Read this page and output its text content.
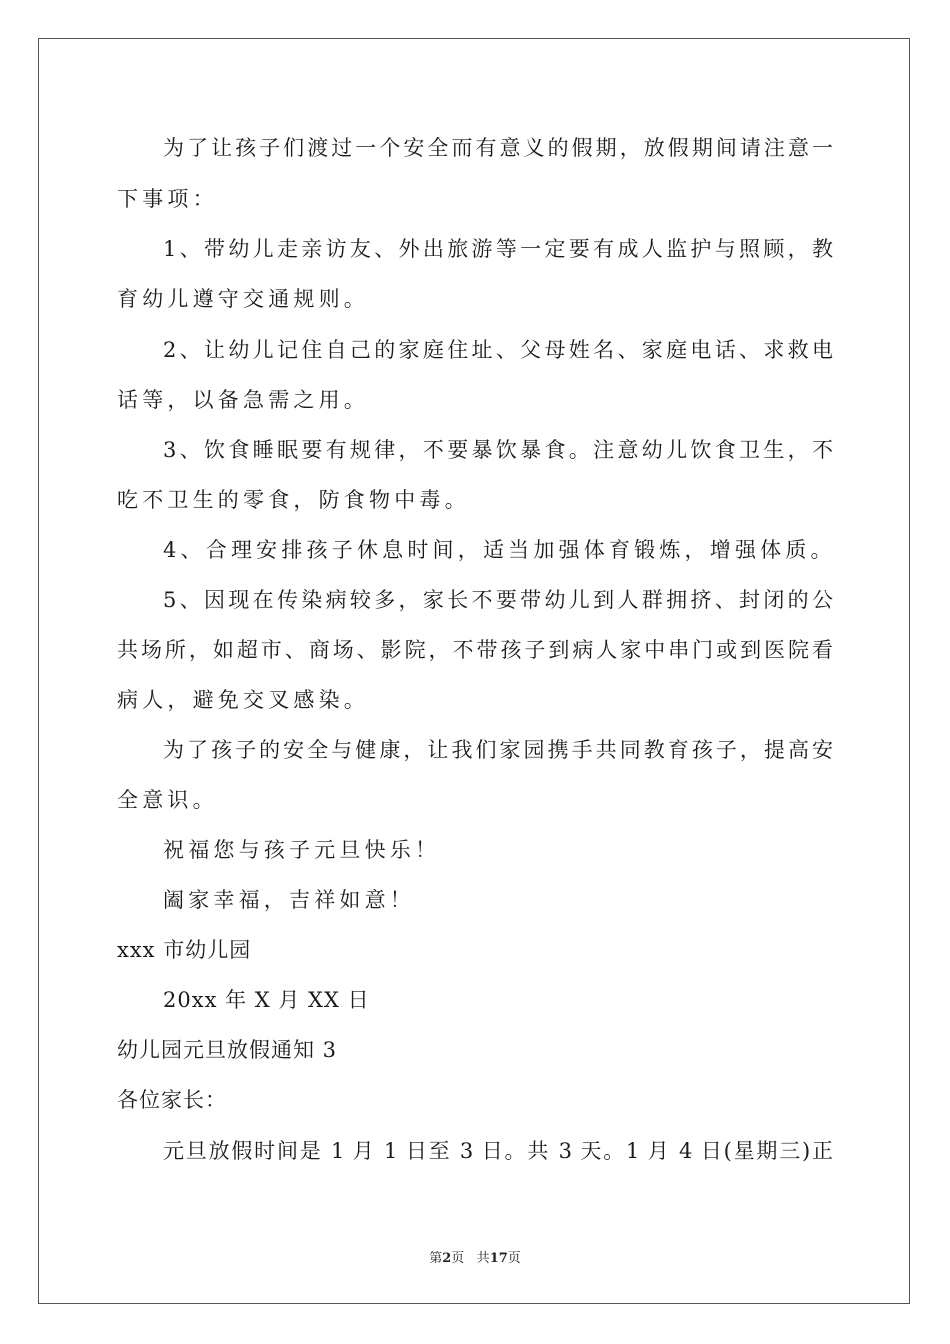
为了让孩子们渡过一个安全而有意义的假期，放假期间请注意一
下事项：
1、带幼儿走亲访友、外出旅游等一定要有成人监护与照顾，教
育幼儿遵守交通规则。
2、让幼儿记住自己的家庭住址、父母姓名、家庭电话、求救电
话等，以备急需之用。
3、饮食睡眠要有规律，不要暴饮暴食。注意幼儿饮食卫生，不
吃不卫生的零食，防食物中毒。
4、合理安排孩子休息时间，适当加强体育锻炼，增强体质。
5、因现在传染病较多，家长不要带幼儿到人群拥挤、封闭的公
共场所，如超市、商场、影院，不带孩子到病人家中串门或到医院看
病人，避免交叉感染。
为了孩子的安全与健康，让我们家园携手共同教育孩子，提高安
全意识。
祝福您与孩子元旦快乐！
阖家幸福，吉祥如意！
xxx 市幼儿园
20xx 年 X 月 XX 日
幼儿园元旦放假通知 3
各位家长：
元旦放假时间是 1 月 1 日至 3 日。共 3 天。1 月 4 日(星期三)正
第2页 共17页
